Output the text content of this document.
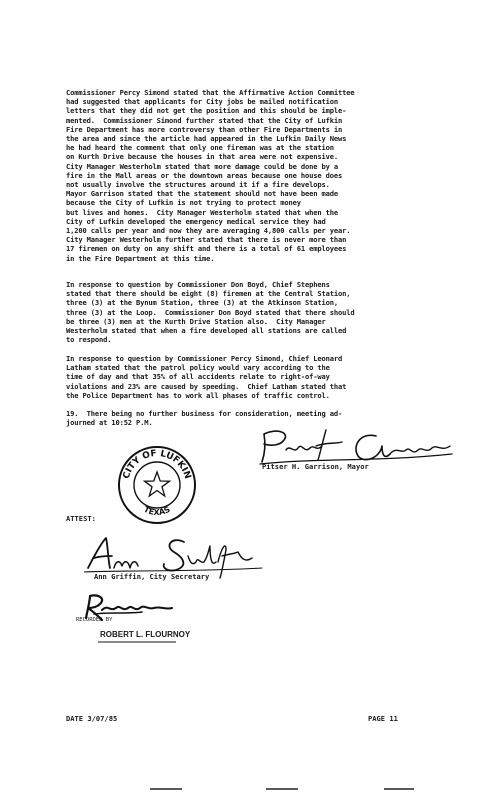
Commissioner Percy Simond stated that the Affirmative Action Committee
had suggested that applicants for City jobs be mailed notification
letters that they did not get the position and this should be imple-
mented.  Commissioner Simond further stated that the City of Lufkin
Fire Department has more controversy than other Fire Departments in
the area and since the article had appeared in the Lufkin Daily News
he had heard the comment that only one fireman was at the station
on Kurth Drive because the houses in that area were not expensive.
City Manager Westerholm stated that more damage could be done by a
fire in the Mall areas or the downtown areas because one house does
not usually involve the structures around it if a fire develops.
Mayor Garrison stated that the statement should not have been made
because the City of Lufkin is not trying to protect money
but lives and homes.  City Manager Westerholm stated that when the
City of Lufkin developed the emergency medical service they had
1,200 calls per year and now they are averaging 4,800 calls per year.
City Manager Westerholm further stated that there is never more than
17 firemen on duty on any shift and there is a total of 61 employees
in the Fire Department at this time.
In response to question by Commissioner Don Boyd, Chief Stephens
stated that there should be eight (8) firemen at the Central Station,
three (3) at the Bynum Station, three (3) at the Atkinson Station,
three (3) at the Loop.  Commissioner Don Boyd stated that there should
be three (3) men at the Kurth Drive Station also.  City Manager
Westerholm stated that when a fire developed all stations are called
to respond.
In response to question by Commissioner Percy Simond, Chief Leonard
Latham stated that the patrol policy would vary according to the
time of day and that 35% of all accidents relate to right-of-way
violations and 23% are caused by speeding.  Chief Latham stated that
the Police Department has to work all phases of traffic control.
19.  There being no further business for consideration, meeting ad-
journed at 10:52 P.M.
Pitser H. Garrison, Mayor
CITY OF LUFKIN
TEXAS
ATTEST:
Ann Griffin, City Secretary
RECORDED BY
ROBERT L. FLOURNOY
DATE 3/07/85	PAGE 11
